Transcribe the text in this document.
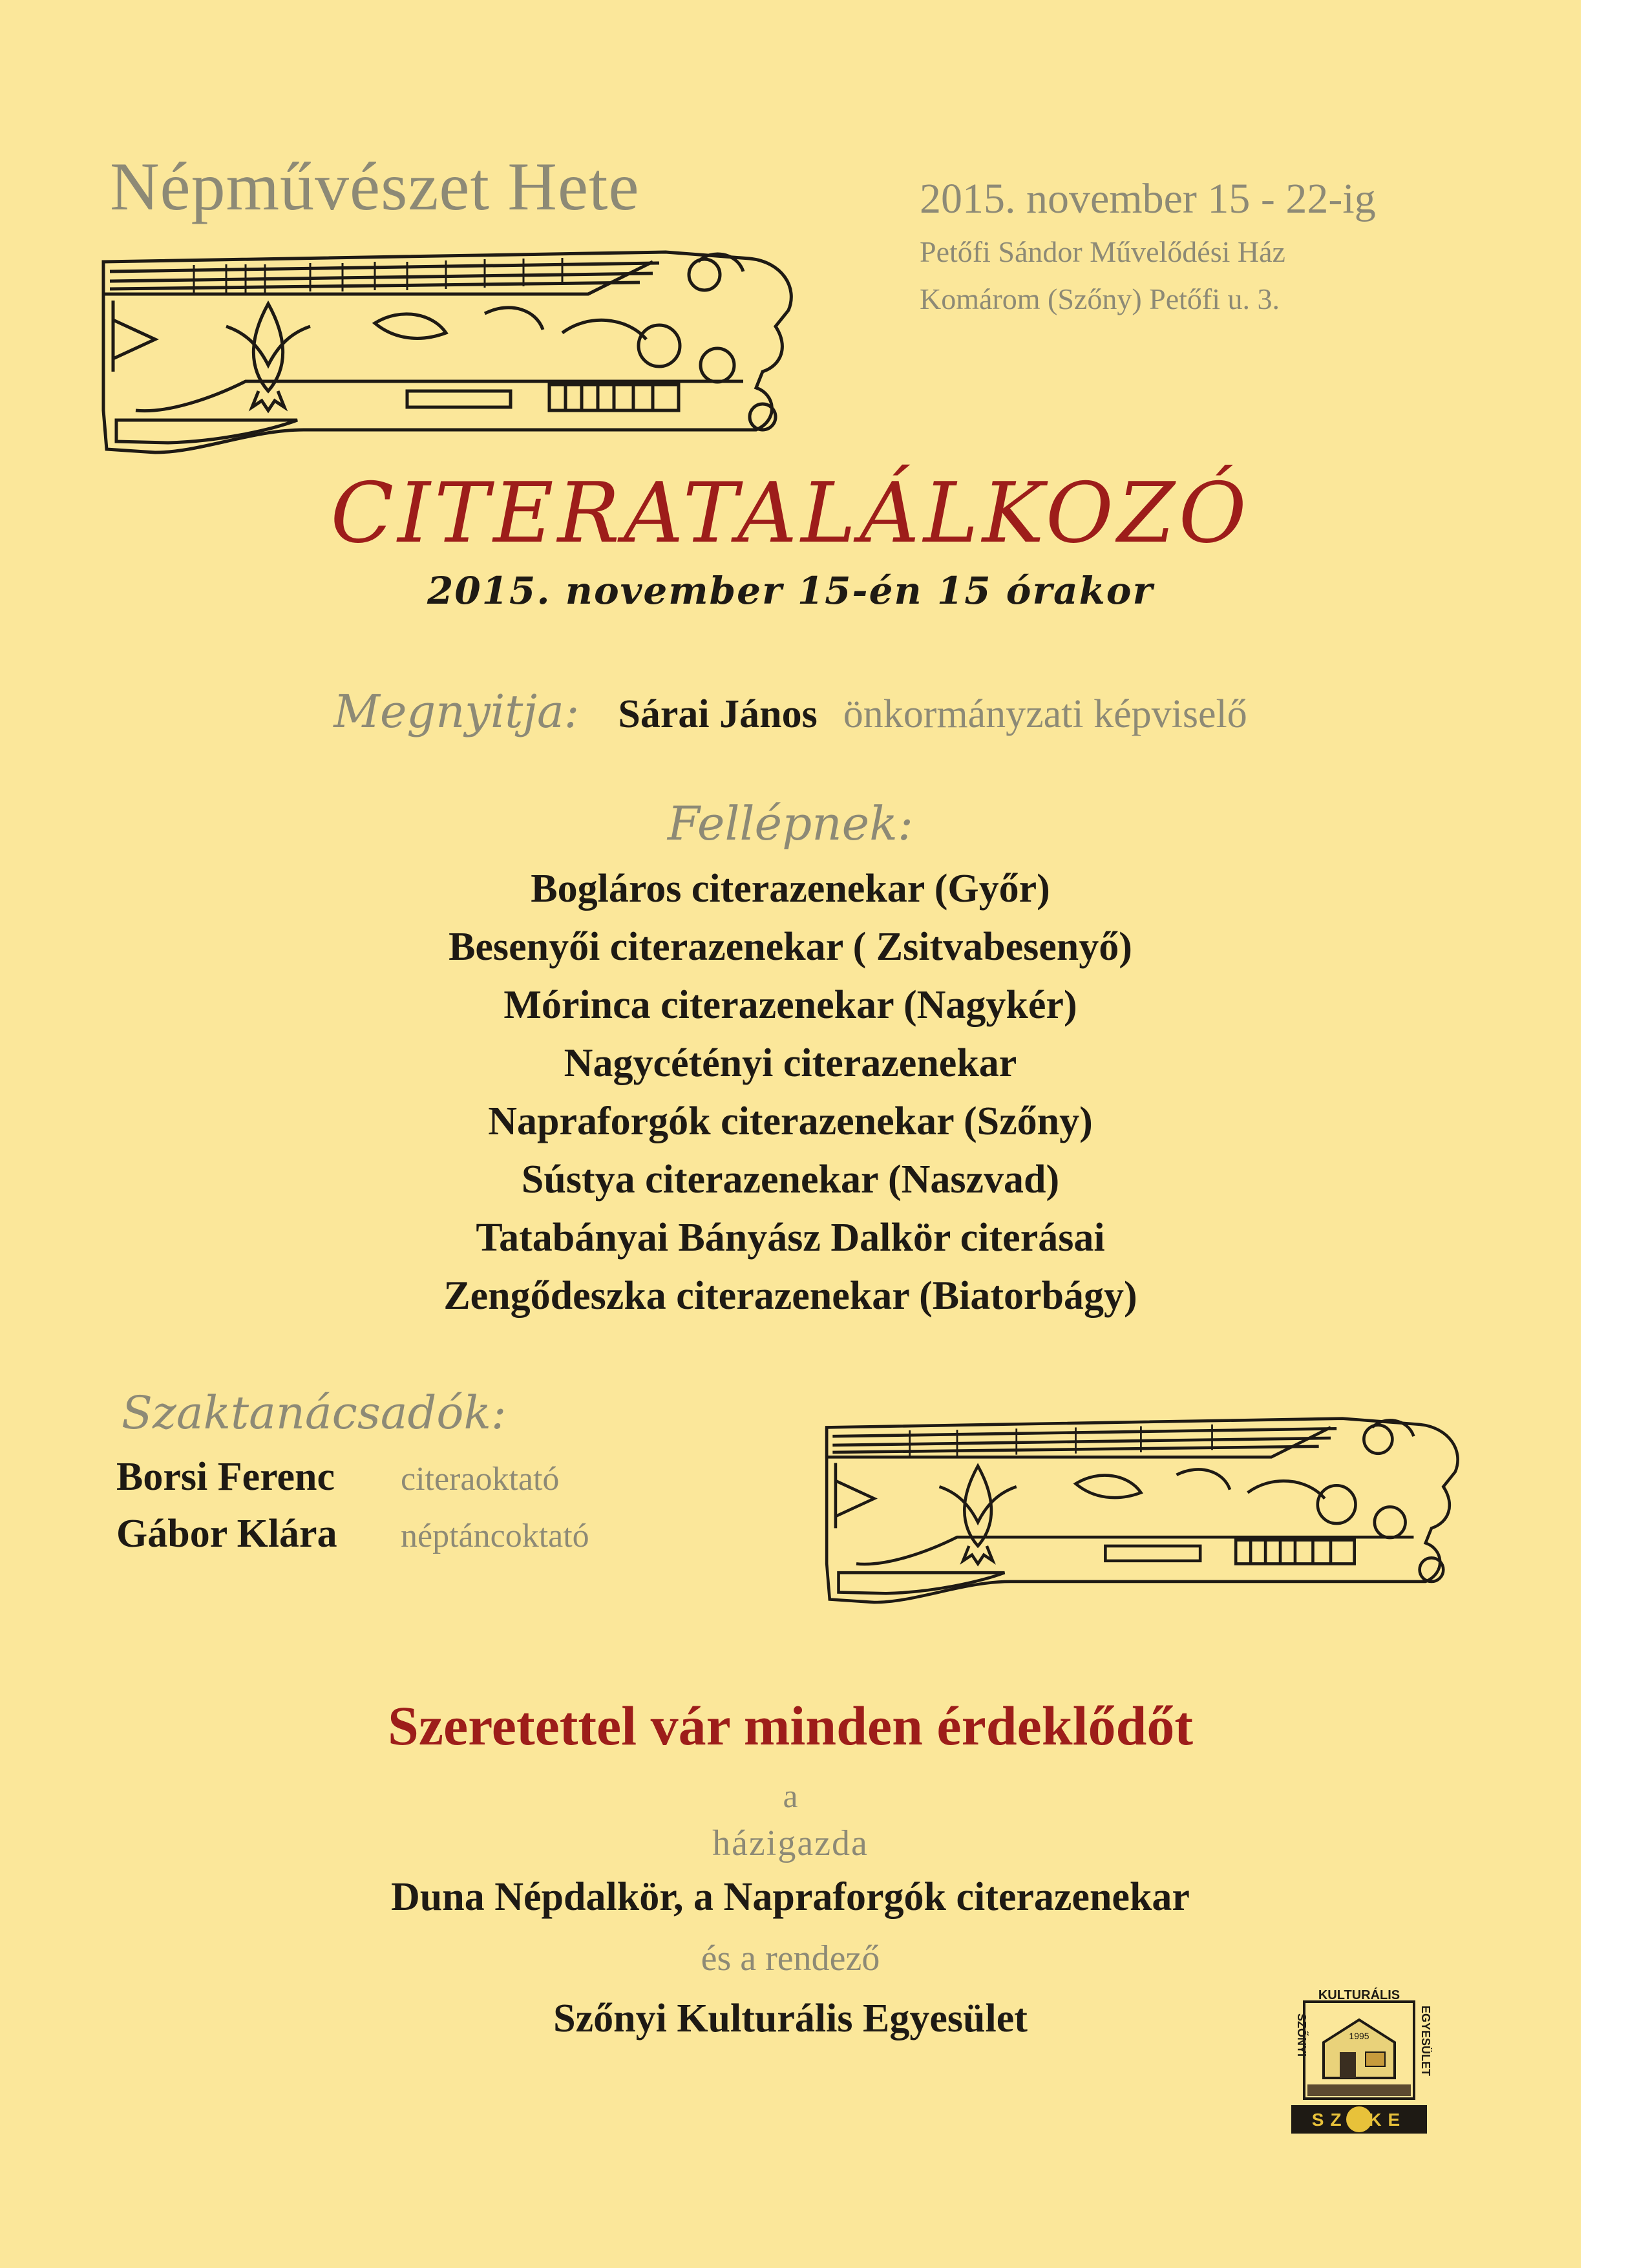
Népművészet Hete	2015. november 15 - 22-ig
Petőfi Sándor Művelődési Ház
Komárom (Szőny) Petőfi u. 3.
CITERATALÁLKOZÓ
2015. november 15-én 15 órakor
Megnyitja: Sárai János önkormányzati képviselő
Fellépnek:
Bogláros citerazenekar (Győr)
Besenyői citerazenekar ( Zsitvabesenyő)
Mórinca citerazenekar (Nagykér)
Nagycétényi citerazenekar
Napraforgók citerazenekar (Szőny)
Sústya citerazenekar (Naszvad)
Tatabányai Bányász Dalkör citerásai
Zengődeszka citerazenekar (Biatorbágy)
Szaktanácsadók:
Borsi Ferenc citeraoktató
Gábor Klára néptáncoktató
Szeretettel vár minden érdeklődőt
a
házigazda
Duna Népdalkör, a Napraforgók citerazenekar
és a rendező
Szőnyi Kulturális Egyesület
KULTURÁLIS
SZŐNYI	EGYESÜLET
1995
SZÖKE
